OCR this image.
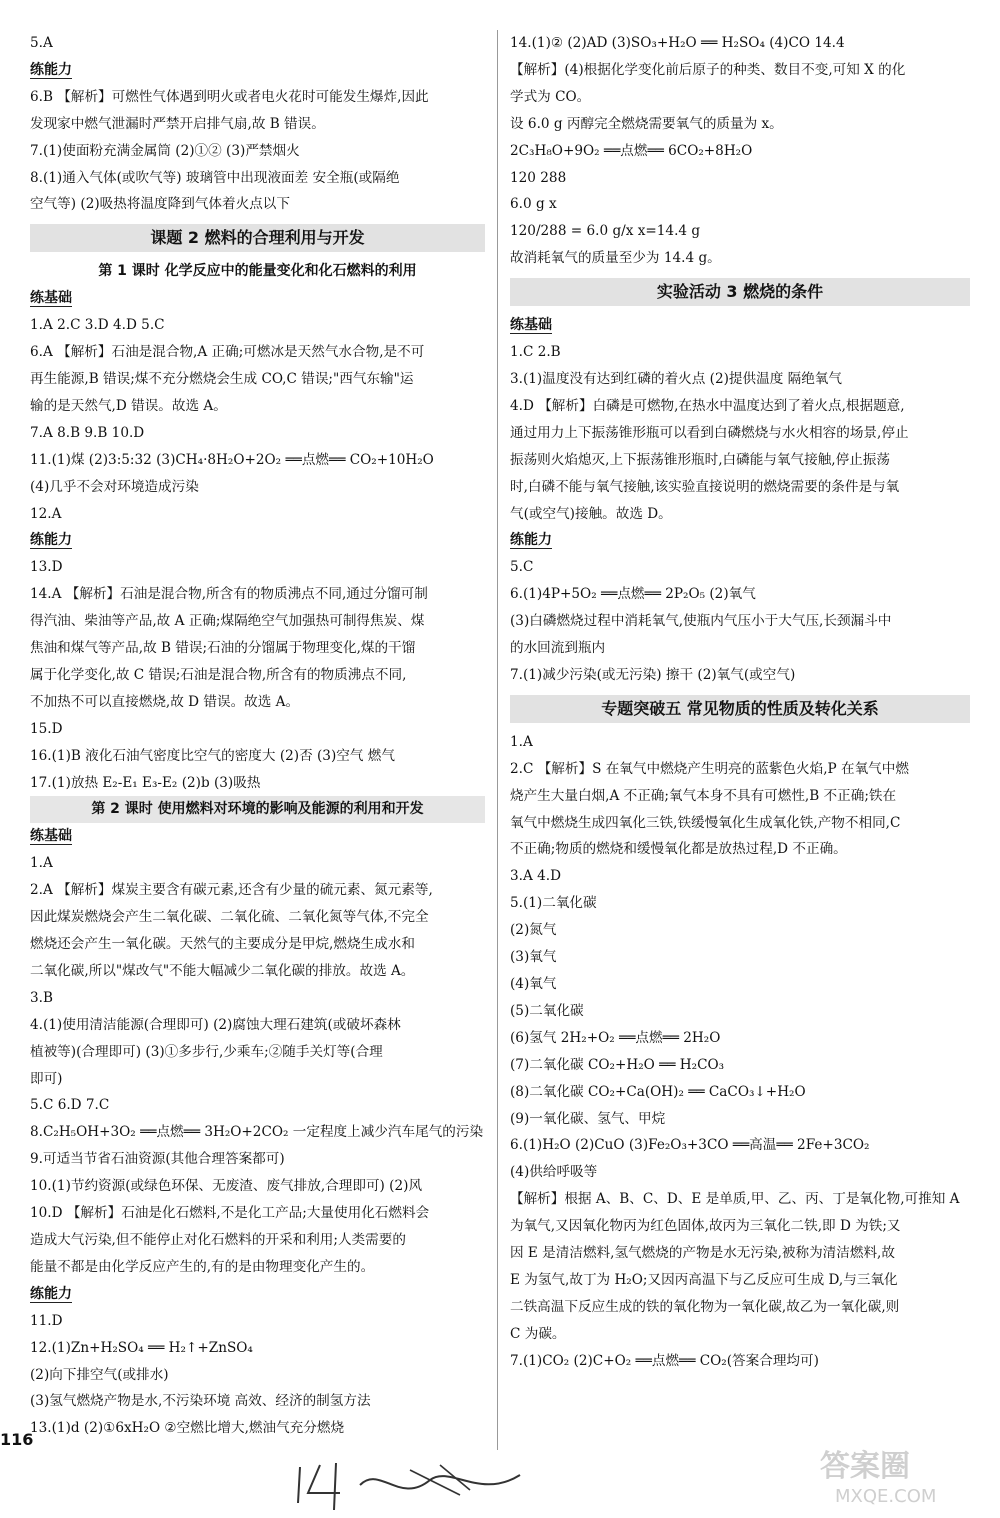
5.A
练能力
6.B 【解析】可燃性气体遇到明火或者电火花时可能发生爆炸,因此
发现家中燃气泄漏时严禁开启排气扇,故 B 错误。
7.(1)使面粉充满金属筒 (2)①② (3)严禁烟火
8.(1)通入气体(或吹气等) 玻璃管中出现液面差 安全瓶(或隔绝
空气等) (2)吸热将温度降到气体着火点以下
课题 2 燃料的合理利用与开发
第 1 课时 化学反应中的能量变化和化石燃料的利用
练基础
1.A 2.C 3.D 4.D 5.C
6.A 【解析】石油是混合物,A 正确;可燃冰是天然气水合物,是不可
再生能源,B 错误;煤不充分燃烧会生成 CO,C 错误;"西气东输"运
输的是天然气,D 错误。故选 A。
7.A 8.B 9.B 10.D
11.(1)煤 (2)3:5:32 (3)CH₄·8H₂O+2O₂ ══点燃══ CO₂+10H₂O
(4)几乎不会对环境造成污染
12.A
练能力
13.D
14.A 【解析】石油是混合物,所含有的物质沸点不同,通过分馏可制
得汽油、柴油等产品,故 A 正确;煤隔绝空气加强热可制得焦炭、煤
焦油和煤气等产品,故 B 错误;石油的分馏属于物理变化,煤的干馏
属于化学变化,故 C 错误;石油是混合物,所含有的物质沸点不同,
不加热不可以直接燃烧,故 D 错误。故选 A。
15.D
16.(1)B 液化石油气密度比空气的密度大 (2)否 (3)空气 燃气
17.(1)放热 E₂-E₁ E₃-E₂ (2)b (3)吸热
第 2 课时 使用燃料对环境的影响及能源的利用和开发
练基础
1.A
2.A 【解析】煤炭主要含有碳元素,还含有少量的硫元素、氮元素等,
因此煤炭燃烧会产生二氧化碳、二氧化硫、二氧化氮等气体,不完全
燃烧还会产生一氧化碳。天然气的主要成分是甲烷,燃烧生成水和
二氧化碳,所以"煤改气"不能大幅减少二氧化碳的排放。故选 A。
3.B
4.(1)使用清洁能源(合理即可) (2)腐蚀大理石建筑(或破坏森林
植被等)(合理即可) (3)①多步行,少乘车;②随手关灯等(合理
即可)
5.C 6.D 7.C
8.C₂H₅OH+3O₂ ══点燃══ 3H₂O+2CO₂ 一定程度上减少汽车尾气的污染
9.可适当节省石油资源(其他合理答案都可)
10.(1)节约资源(或绿色环保、无废渣、废气排放,合理即可) (2)风
10.D 【解析】石油是化石燃料,不是化工产品;大量使用化石燃料会
造成大气污染,但不能停止对化石燃料的开采和利用;人类需要的
能量不都是由化学反应产生的,有的是由物理变化产生的。
练能力
11.D
12.(1)Zn+H₂SO₄ ══ H₂↑+ZnSO₄
(2)向下排空气(或排水)
(3)氢气燃烧产物是水,不污染环境 高效、经济的制氢方法
13.(1)d (2)①6xH₂O ②空燃比增大,燃油气充分燃烧
14.(1)② (2)AD (3)SO₃+H₂O ══ H₂SO₄ (4)CO 14.4
【解析】(4)根据化学变化前后原子的种类、数目不变,可知 X 的化
学式为 CO。
设 6.0 g 丙醇完全燃烧需要氧气的质量为 x。
2C₃H₈O+9O₂ ══点燃══ 6CO₂+8H₂O
120 288
6.0 g x
120/288 = 6.0 g/x x=14.4 g
故消耗氧气的质量至少为 14.4 g。
实验活动 3 燃烧的条件
练基础
1.C 2.B
3.(1)温度没有达到红磷的着火点 (2)提供温度 隔绝氧气
4.D 【解析】白磷是可燃物,在热水中温度达到了着火点,根据题意,
通过用力上下振荡锥形瓶可以看到白磷燃烧与水火相容的场景,停止
振荡则火焰熄灭,上下振荡锥形瓶时,白磷能与氧气接触,停止振荡
时,白磷不能与氧气接触,该实验直接说明的燃烧需要的条件是与氧
气(或空气)接触。故选 D。
练能力
5.C
6.(1)4P+5O₂ ══点燃══ 2P₂O₅ (2)氧气
(3)白磷燃烧过程中消耗氧气,使瓶内气压小于大气压,长颈漏斗中
的水回流到瓶内
7.(1)减少污染(或无污染) 擦干 (2)氧气(或空气)
专题突破五 常见物质的性质及转化关系
1.A
2.C 【解析】S 在氧气中燃烧产生明亮的蓝紫色火焰,P 在氧气中燃
烧产生大量白烟,A 不正确;氧气本身不具有可燃性,B 不正确;铁在
氧气中燃烧生成四氧化三铁,铁缓慢氧化生成氧化铁,产物不相同,C
不正确;物质的燃烧和缓慢氧化都是放热过程,D 不正确。
3.A 4.D
5.(1)二氧化碳
(2)氮气
(3)氧气
(4)氧气
(5)二氧化碳
(6)氢气 2H₂+O₂ ══点燃══ 2H₂O
(7)二氧化碳 CO₂+H₂O ══ H₂CO₃
(8)二氧化碳 CO₂+Ca(OH)₂ ══ CaCO₃↓+H₂O
(9)一氧化碳、氢气、甲烷
6.(1)H₂O (2)CuO (3)Fe₂O₃+3CO ══高温══ 2Fe+3CO₂
(4)供给呼吸等
【解析】根据 A、B、C、D、E 是单质,甲、乙、丙、丁是氧化物,可推知 A
为氧气,又因氧化物丙为红色固体,故丙为三氧化二铁,即 D 为铁;又
因 E 是清洁燃料,氢气燃烧的产物是水无污染,被称为清洁燃料,故
E 为氢气,故丁为 H₂O;又因丙高温下与乙反应可生成 D,与三氧化
二铁高温下反应生成的铁的氧化物为一氧化碳,故乙为一氧化碳,则
C 为碳。
7.(1)CO₂ (2)C+O₂ ══点燃══ CO₂(答案合理均可)
116
答案圈
MXQE.COM
